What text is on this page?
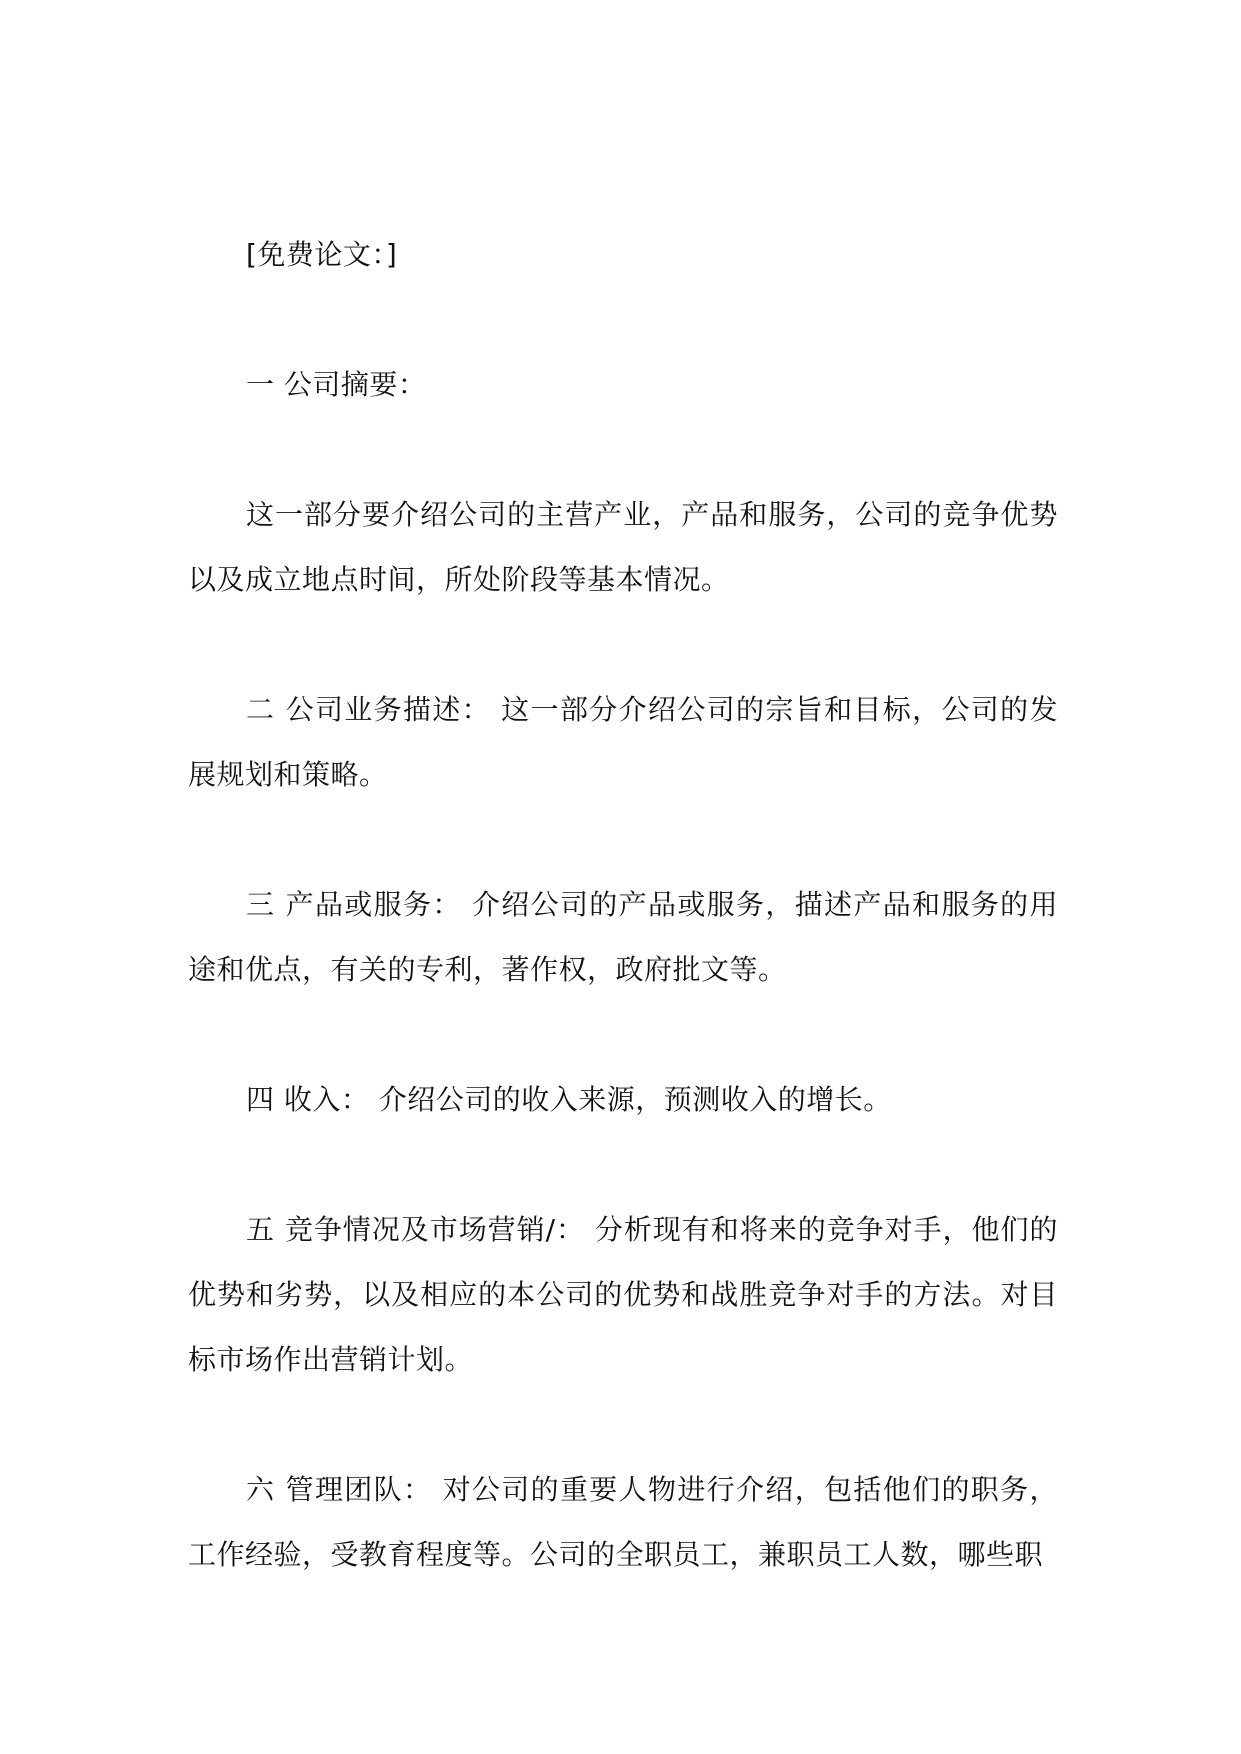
[免费论文：]

一 公司摘要：

这一部分要介绍公司的主营产业，产品和服务，公司的竞争优势以及成立地点时间，所处阶段等基本情况。

二 公司业务描述： 这一部分介绍公司的宗旨和目标，公司的发展规划和策略。

三 产品或服务： 介绍公司的产品或服务，描述产品和服务的用途和优点，有关的专利，著作权，政府批文等。

四 收入： 介绍公司的收入来源，预测收入的增长。

五 竞争情况及市场营销/： 分析现有和将来的竞争对手，他们的优势和劣势，以及相应的本公司的优势和战胜竞争对手的方法。对目标市场作出营销计划。

六 管理团队： 对公司的重要人物进行介绍，包括他们的职务，工作经验，受教育程度等。公司的全职员工，兼职员工人数，哪些职
